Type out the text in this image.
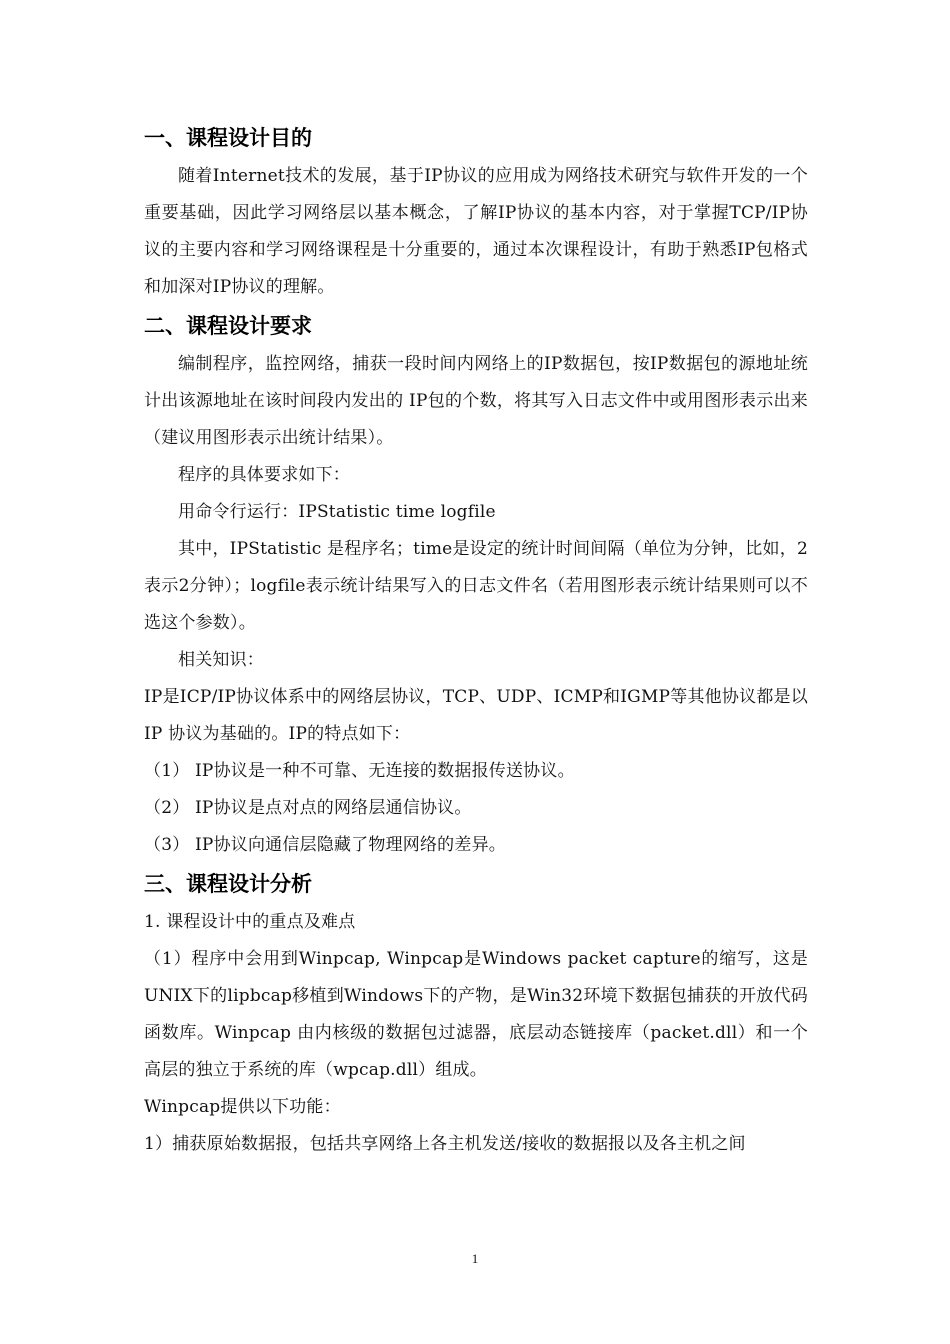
一、课程设计目的

随着Internet技术的发展，基于IP协议的应用成为网络技术研究与软件开发的一个重要基础，因此学习网络层以基本概念，了解IP协议的基本内容，对于掌握TCP/IP协议的主要内容和学习网络课程是十分重要的，通过本次课程设计，有助于熟悉IP包格式和加深对IP协议的理解。

二、课程设计要求

编制程序，监控网络，捕获一段时间内网络上的IP数据包，按IP数据包的源地址统计出该源地址在该时间段内发出的 IP包的个数，将其写入日志文件中或用图形表示出来（建议用图形表示出统计结果）。

程序的具体要求如下：

用命令行运行：IPStatistic time logfile

其中，IPStatistic 是程序名；time是设定的统计时间间隔（单位为分钟，比如，2表示2分钟）；logfile表示统计结果写入的日志文件名（若用图形表示统计结果则可以不选这个参数）。

相关知识：

IP是ICP/IP协议体系中的网络层协议，TCP、UDP、ICMP和IGMP等其他协议都是以IP 协议为基础的。IP的特点如下：

（1） IP协议是一种不可靠、无连接的数据报传送协议。

（2） IP协议是点对点的网络层通信协议。

（3） IP协议向通信层隐藏了物理网络的差异。

三、课程设计分析

1. 课程设计中的重点及难点

（1）程序中会用到Winpcap, Winpcap是Windows packet capture的缩写，这是UNIX下的lipbcap移植到Windows下的产物，是Win32环境下数据包捕获的开放代码函数库。Winpcap 由内核级的数据包过滤器，底层动态链接库（packet.dll）和一个高层的独立于系统的库（wpcap.dll）组成。

Winpcap提供以下功能：

1）捕获原始数据报，包括共享网络上各主机发送/接收的数据报以及各主机之间

1
